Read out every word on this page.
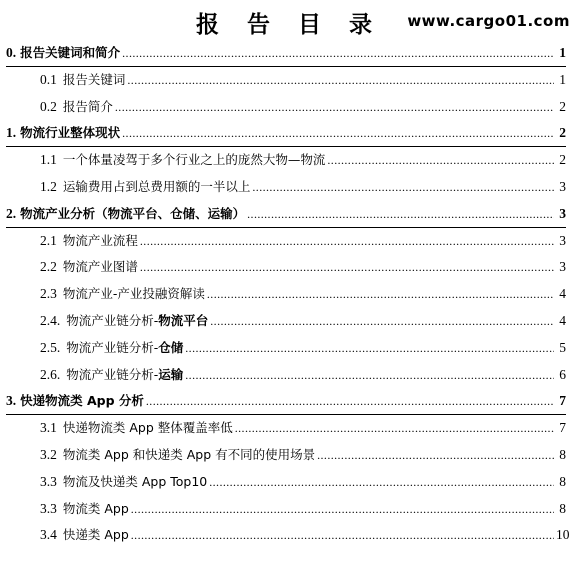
报 告 目 录	www.cargo01.com
0. 报告关键词和简介 .....	1
0.1 报告关键词 .....	1
0.2 报告简介 .....	2
1. 物流行业整体现状 .....	2
1.1 一个体量凌驾于多个行业之上的庞然大物—物流 .....	2
1.2 运输费用占到总费用额的一半以上 .....	3
2. 物流产业分析（物流平台、仓储、运输） .....	3
2.1 物流产业流程 .....	3
2.2 物流产业图谱 .....	3
2.3 物流产业-产业投融资解读 .....	4
2.4. 物流产业链分析-物流平台 .....	4
2.5. 物流产业链分析-仓储 .....	5
2.6. 物流产业链分析-运输 .....	6
3. 快递物流类 App 分析 .....	7
3.1 快递物流类 App 整体覆盖率低 .....	7
3.2 物流类 App 和快递类 App 有不同的使用场景 .....	8
3.3 物流及快递类 App Top10 .....	8
3.3 物流类 App .....	8
3.4 快递类 App .....	10
